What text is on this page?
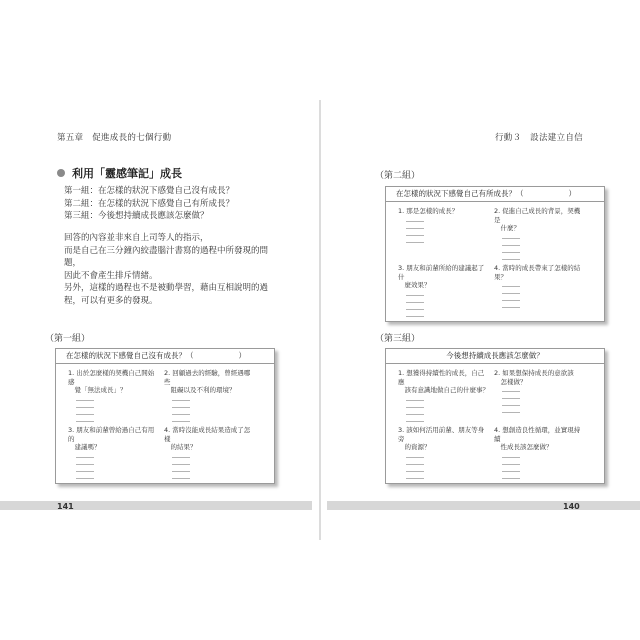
第五章　促進成長的七個行動	行動３　設法建立自信
利用「靈感筆記」成長
第一組：在怎樣的狀況下感覺自己沒有成長？
第二組：在怎樣的狀況下感覺自己有所成長？
第三組：今後想持續成長應該怎麼做？
回答的內容並非來自上司等人的指示，
而是自己在三分鐘內絞盡腦汁書寫的過程中所發現的問
題，
因此不會產生排斥情緒。
另外，這樣的過程也不是被動學習，藉由互相說明的過
程，可以有更多的發現。
（第一組）
在怎樣的狀況下感覺自己沒有成長？（　　　　　　）
1. 出於怎麼樣的契機自己開始感
　覺「無法成長」？
―――
―――
―――
―――
2. 回顧過去的經驗，曾經遇哪些
　阻礙以及不利的環境？
―――
―――
―――
―――
3. 朋友和前輩曾給過自己有用的
　建議嗎？
―――
―――
―――
―――
4. 當時沒能成長結果造成了怎樣
　的結果？
―――
―――
―――
―――
（第二組）
在怎樣的狀況下感覺自己有所成長？（　　　　　　）
1. 那是怎樣的成長？
―――
―――
―――
―――
2. 促進自己成長的背景，契機是
　什麼？
―――
―――
―――
―――
3. 朋友和前輩所給的建議起了什
　麼效果？
―――
―――
―――
―――
4. 當時的成長帶來了怎樣的結果？
―――
―――
―――
―――
（第三組）
今後想持續成長應該怎麼做？
1. 想獲得持續性的成長，自己應
　該有意識地做自己的什麼事？
―――
―――
―――
―――
2. 如果想保持成長的意欲該
　怎樣做？
―――
―――
―――
―――
3. 該如何活用前輩、朋友等身旁
　的資源？
―――
―――
―――
―――
4. 想創造良性循環，並實現持續
　性成長該怎麼做？
―――
―――
―――
―――
141	140
